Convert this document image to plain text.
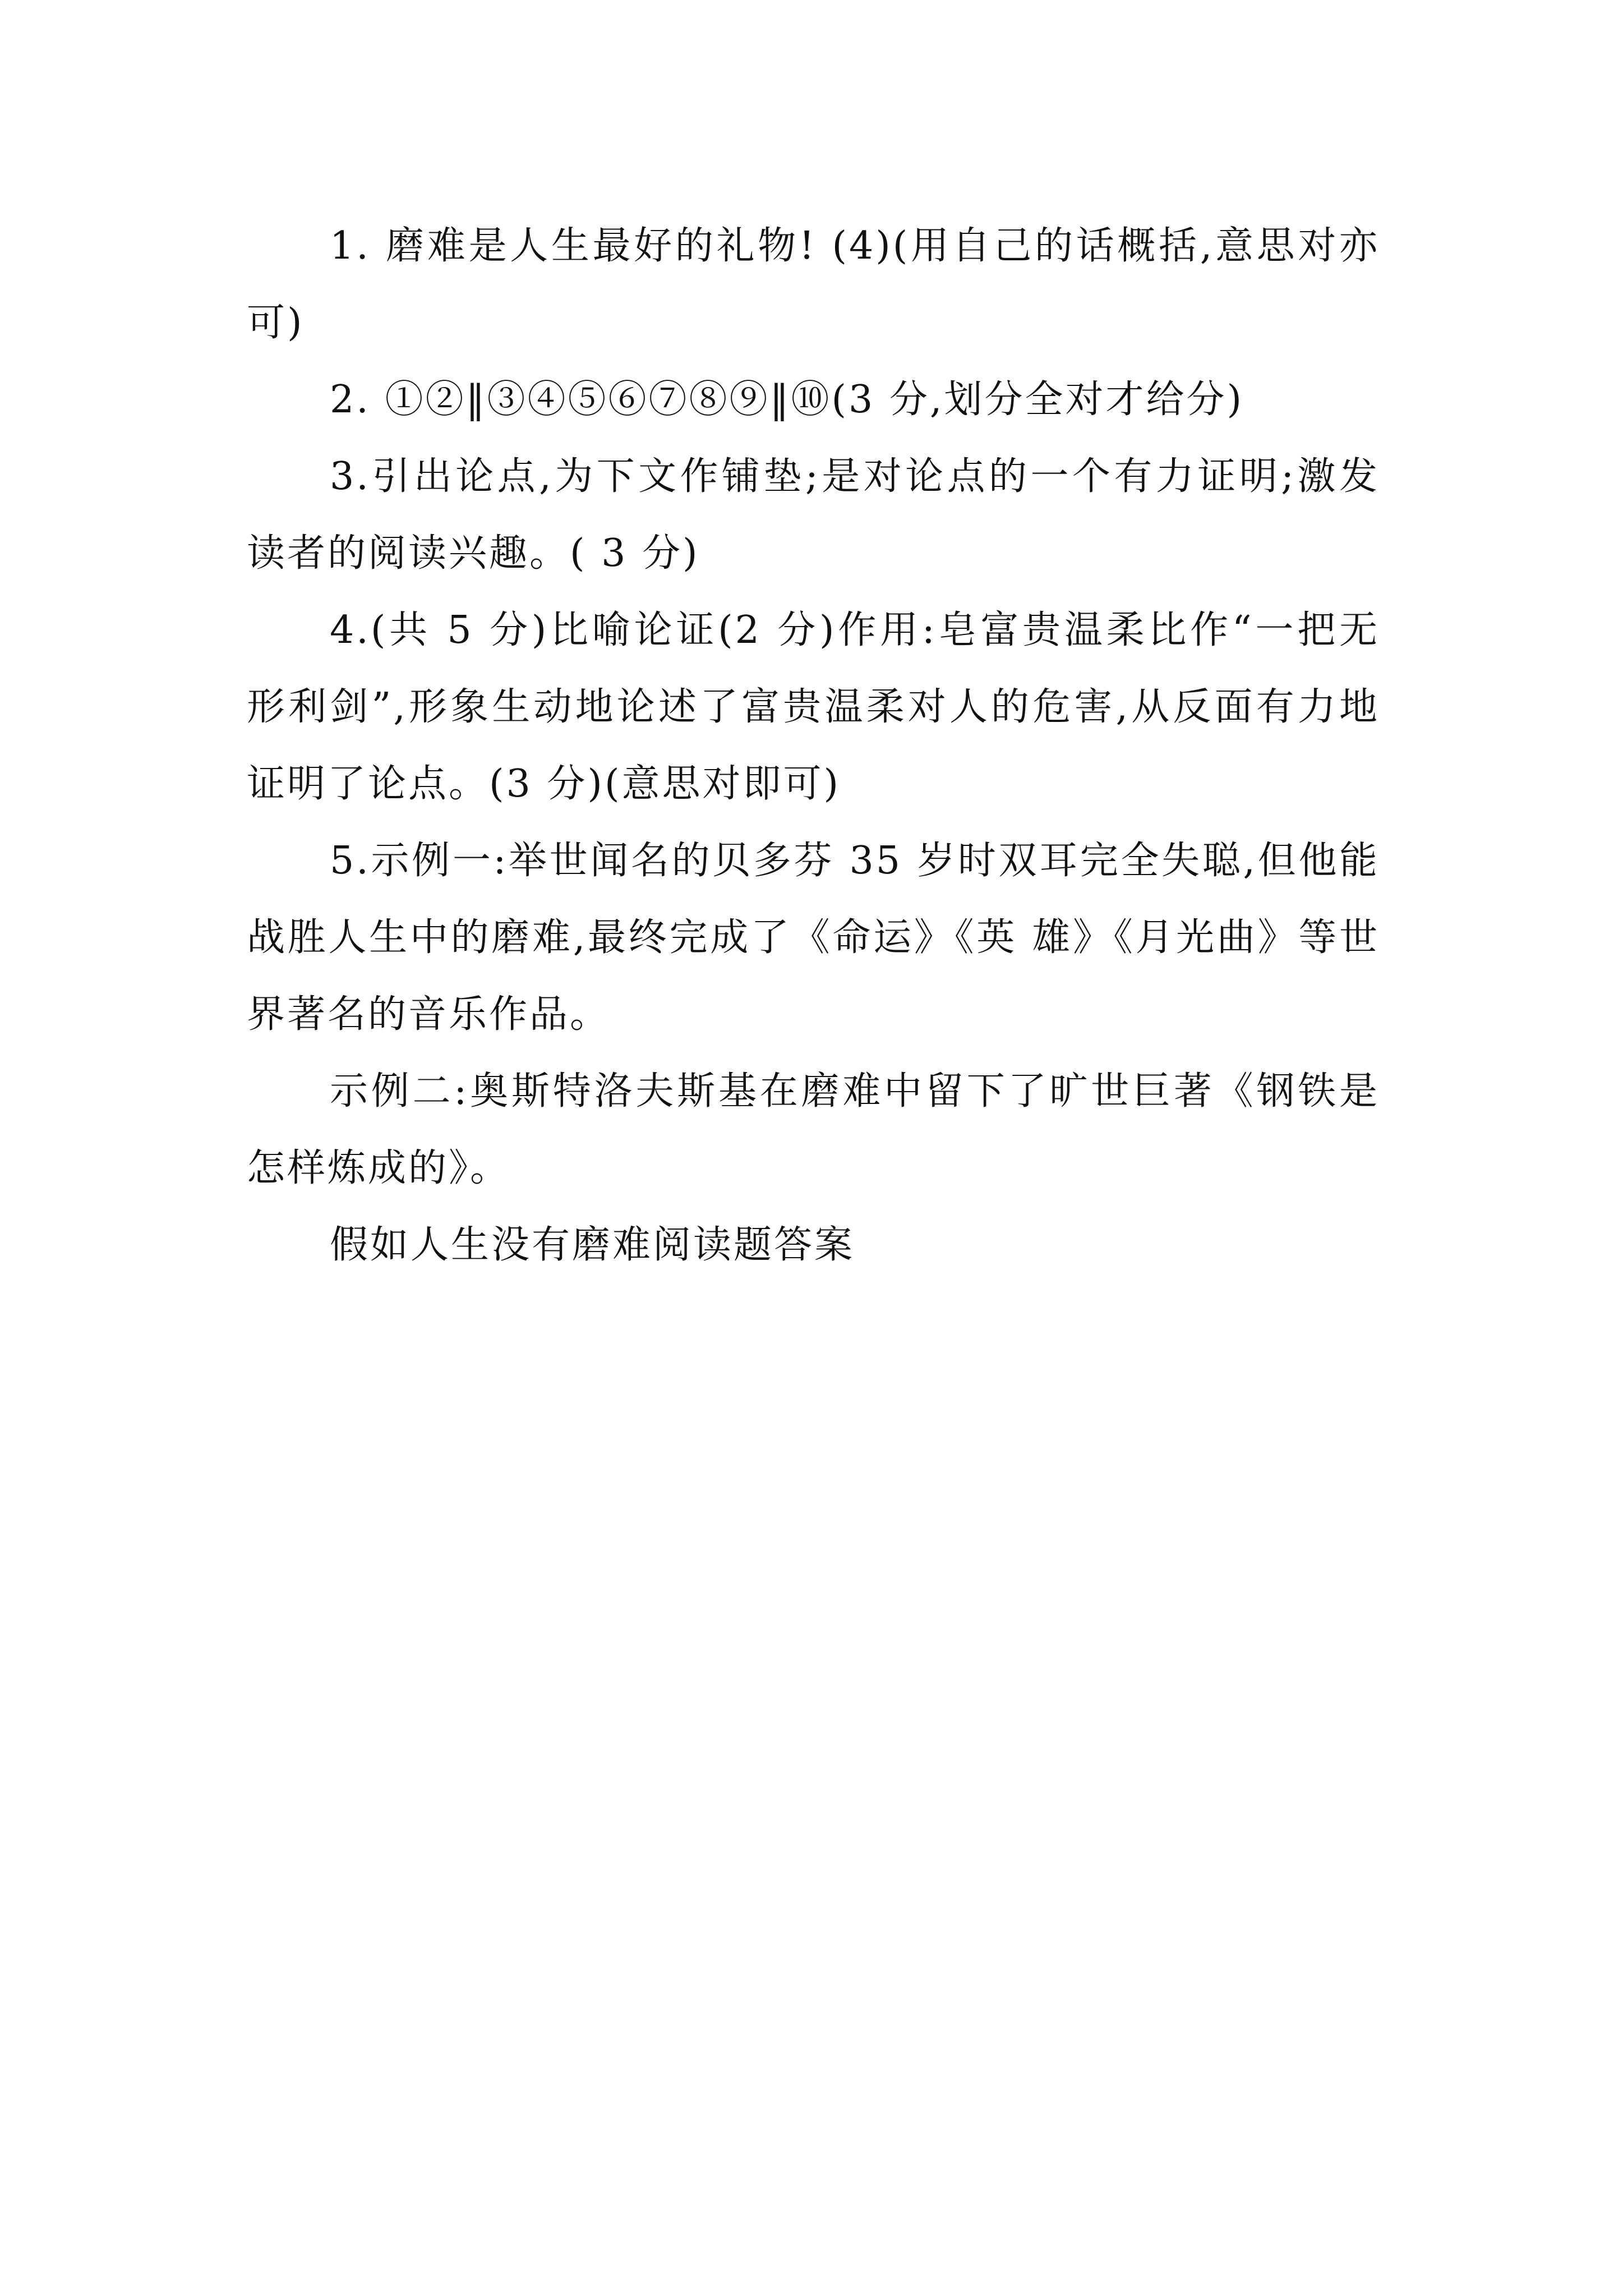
1. 磨难是人生最好的礼物! (4)(用自己的话概括,意思对亦可)

2. ①②‖③④⑤⑥⑦⑧⑨‖⑩(3 分,划分全对才给分)

3.引出论点,为下文作铺垫;是对论点的一个有力证明;激发读者的阅读兴趣。( 3 分)

4.(共 5 分)比喻论证(2 分)作用:皂富贵温柔比作“一把无形利剑”,形象生动地论述了富贵温柔对人的危害,从反面有力地证明了论点。(3 分)(意思对即可)

5.示例一:举世闻名的贝多芬 35 岁时双耳完全失聪,但他能战胜人生中的磨难,最终完成了《命运》《英 雄》《月光曲》等世界著名的音乐作品。

示例二:奥斯特洛夫斯基在磨难中留下了旷世巨著《钢铁是怎样炼成的》。

假如人生没有磨难阅读题答案
